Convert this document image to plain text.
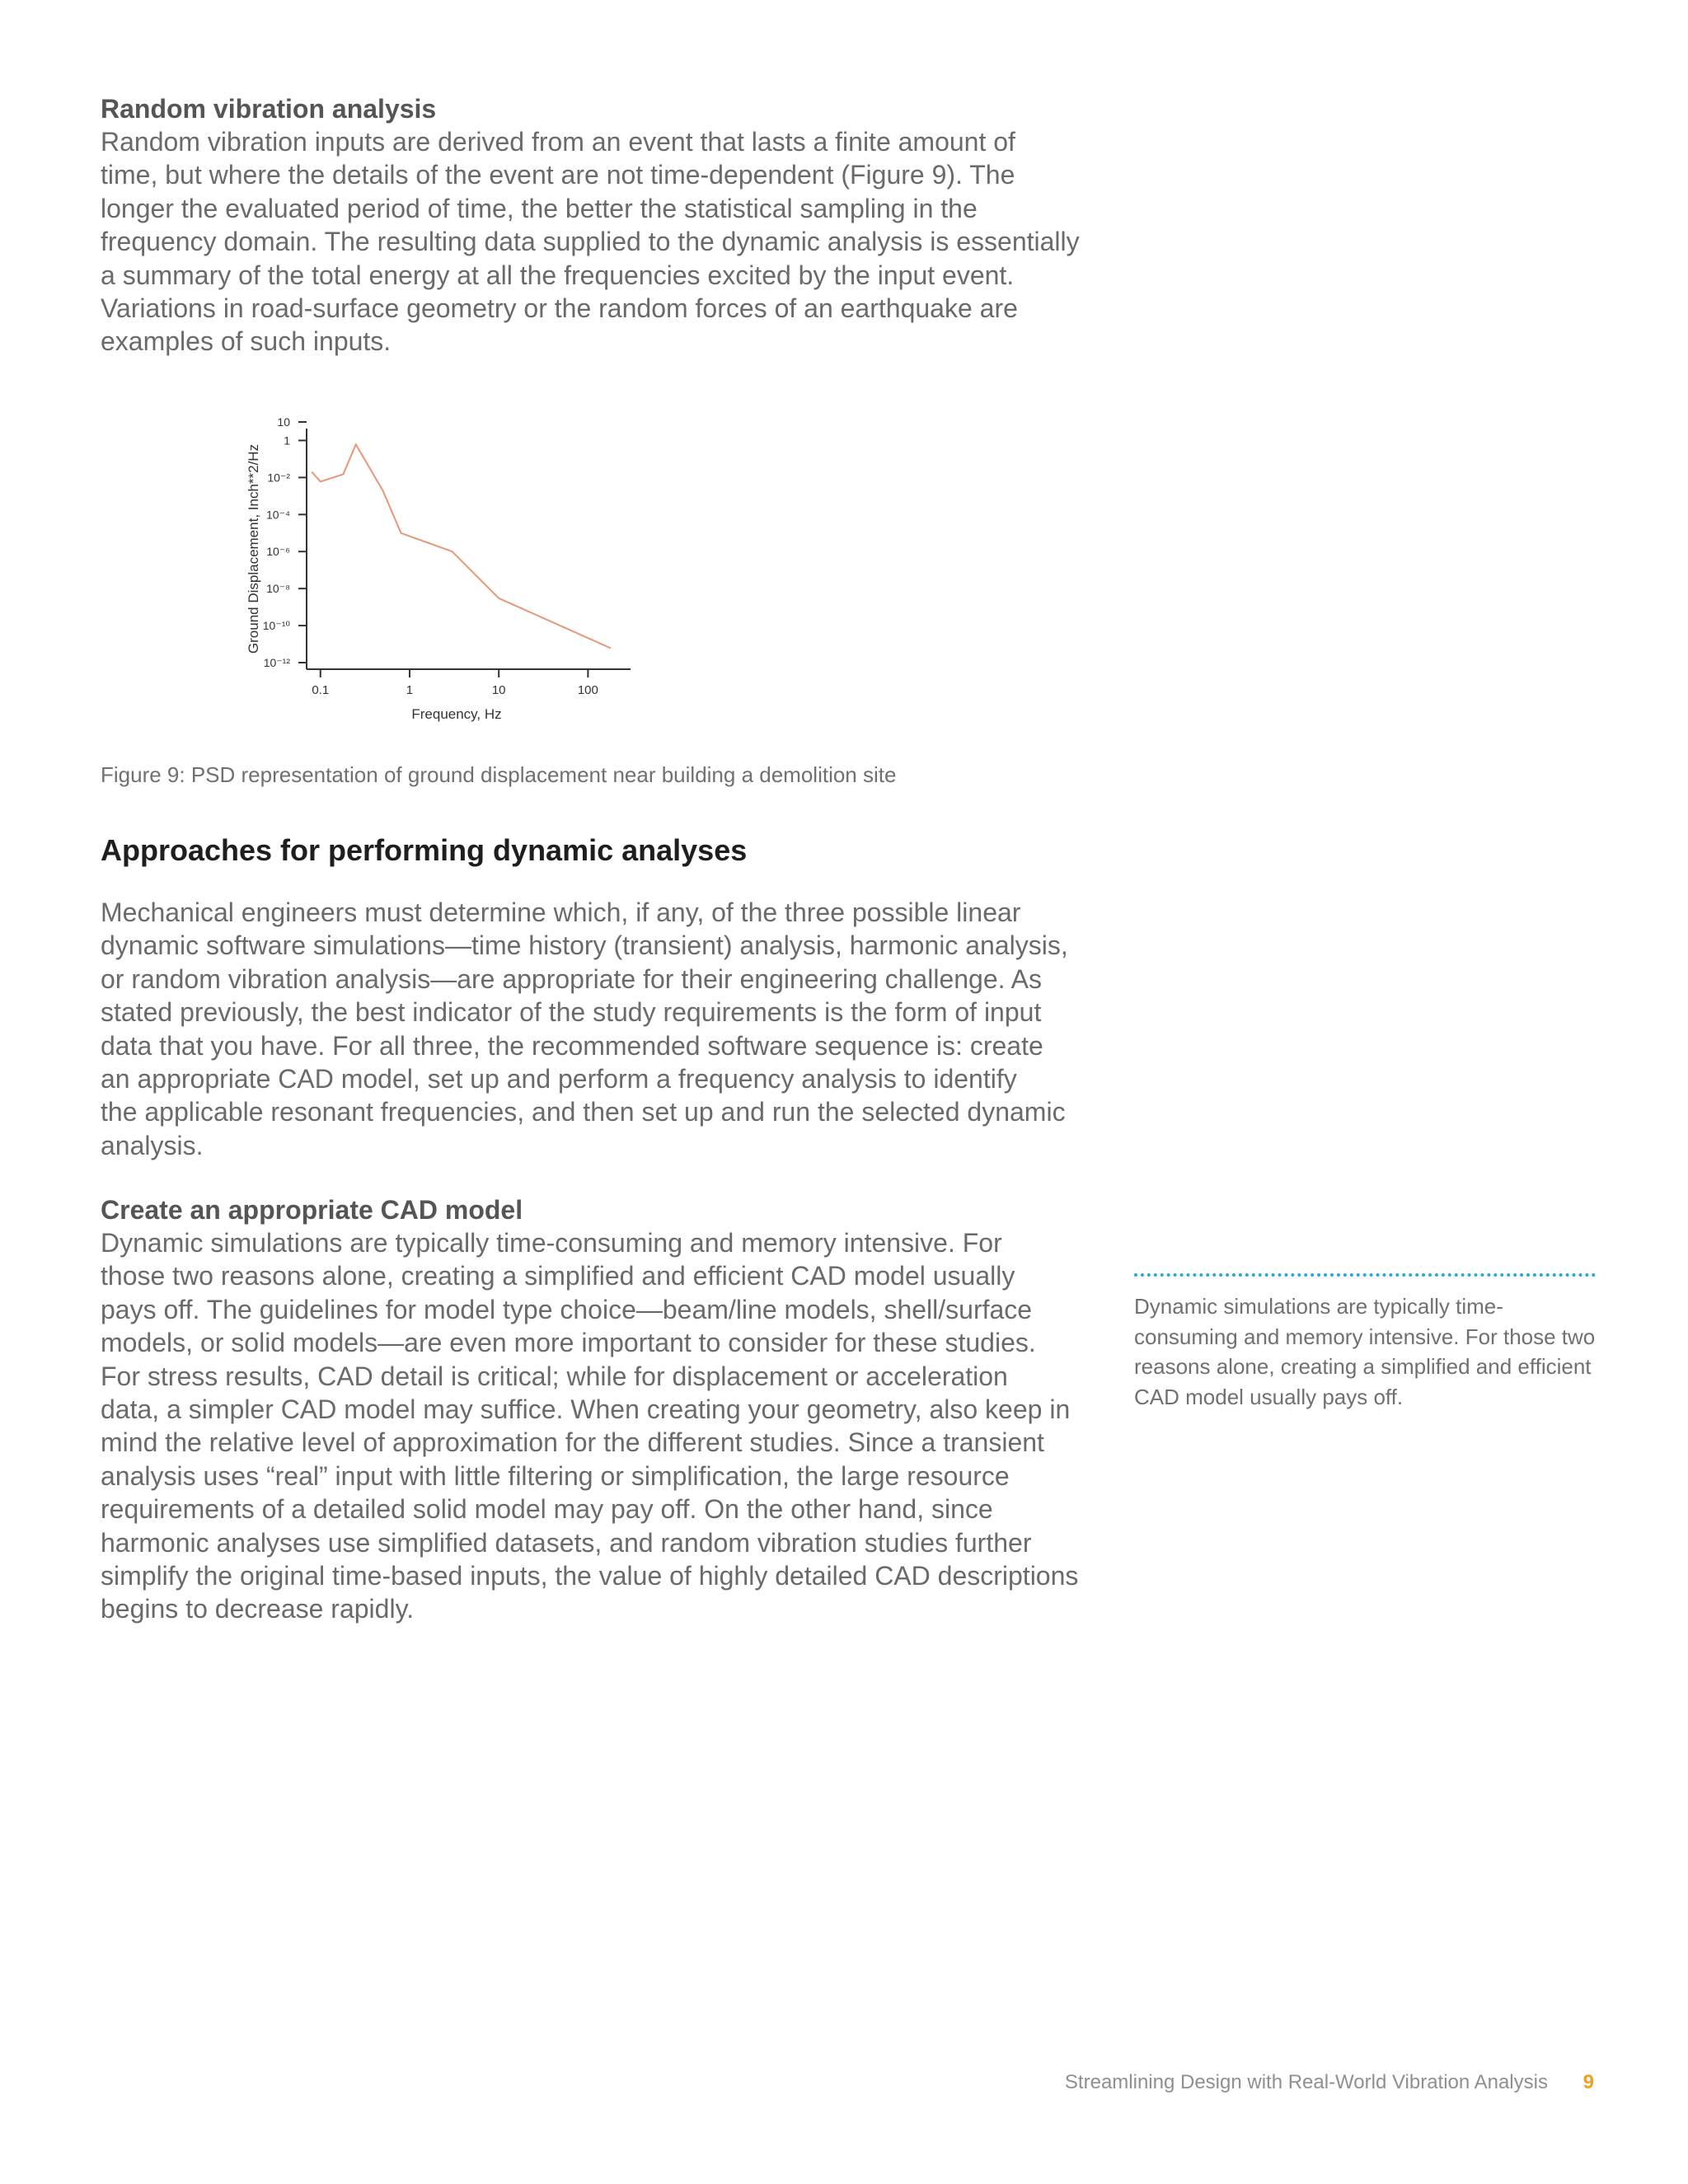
Random vibration analysis

Random vibration inputs are derived from an event that lasts a finite amount of
time, but where the details of the event are not time-dependent (Figure 9). The
longer the evaluated period of time, the better the statistical sampling in the
frequency domain. The resulting data supplied to the dynamic analysis is essentially
a summary of the total energy at all the frequencies excited by the input event.
Variations in road-surface geometry or the random forces of an earthquake are
examples of such inputs.

Frequency, Hz
Ground Displacement, Inch**2/Hz
0.1	1	10	100
10
1
10⁻²
10⁻⁴
10⁻⁶
10⁻⁸
10⁻¹⁰
10⁻¹²

Figure 9: PSD representation of ground displacement near building a demolition site

Approaches for performing dynamic analyses

Mechanical engineers must determine which, if any, of the three possible linear
dynamic software simulations—time history (transient) analysis, harmonic analysis,
or random vibration analysis—are appropriate for their engineering challenge. As
stated previously, the best indicator of the study requirements is the form of input
data that you have. For all three, the recommended software sequence is: create
an appropriate CAD model, set up and perform a frequency analysis to identify
the applicable resonant frequencies, and then set up and run the selected dynamic
analysis.

Create an appropriate CAD model

Dynamic simulations are typically time-consuming and memory intensive. For
those two reasons alone, creating a simplified and efficient CAD model usually
pays off. The guidelines for model type choice—beam/line models, shell/surface
models, or solid models—are even more important to consider for these studies.
For stress results, CAD detail is critical; while for displacement or acceleration
data, a simpler CAD model may suffice. When creating your geometry, also keep in
mind the relative level of approximation for the different studies. Since a transient
analysis uses “real” input with little filtering or simplification, the large resource
requirements of a detailed solid model may pay off. On the other hand, since
harmonic analyses use simplified datasets, and random vibration studies further
simplify the original time-based inputs, the value of highly detailed CAD descriptions
begins to decrease rapidly.

Dynamic simulations are typically time-
consuming and memory intensive. For those two
reasons alone, creating a simplified and efficient
CAD model usually pays off.

Streamlining Design with Real-World Vibration Analysis 9
